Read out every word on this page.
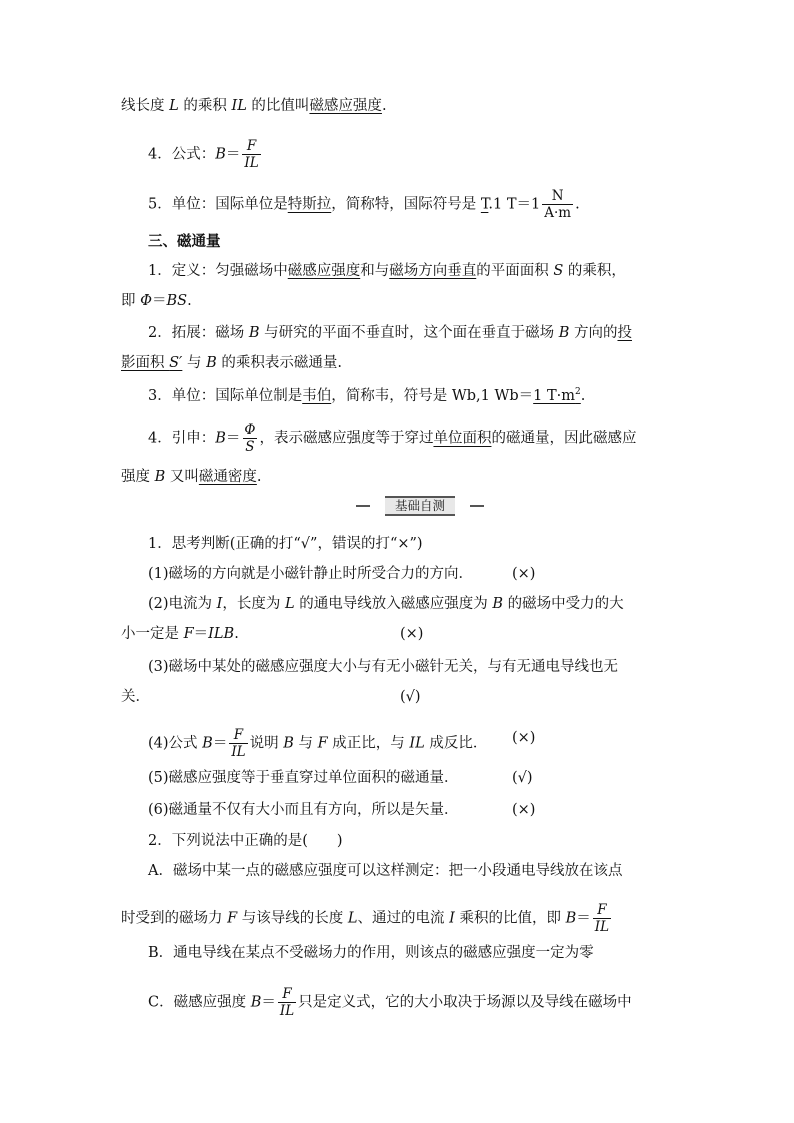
线长度 L 的乘积 IL 的比值叫磁感应强度.
4．公式：$B= \frac{F}{IL}$
5．单位：国际单位是特斯拉，简称特，国际符号是 T.1 $T=1 \frac{N}{A\cdot m}$ .
三、磁通量
1．定义：匀强磁场中磁感应强度和与磁场方向垂直的平面面积 S 的乘积，
即 Φ＝BS.
2．拓展：磁场 B 与研究的平面不垂直时，这个面在垂直于磁场 B 方向的投
影面积 S′ 与 B 的乘积表示磁通量.
3．单位：国际单位制是韦伯，简称韦，符号是 Wb,1 Wb＝1 $T\cdot m^2$.
4．引申：$B= \frac{\Phi}{S}$ ，表示磁感应强度等于穿过单位面积的磁通量，因此磁感应
强度 B 又叫磁通密度.
基础自测
1．思考判断(正确的打“√”，错误的打“×”)
(1)磁场的方向就是小磁针静止时所受合力的方向．	(×)
(2)电流为 I，长度为 L 的通电导线放入磁感应强度为 B 的磁场中受力的大
小一定是 F＝ILB.	(×)
(3)磁场中某处的磁感应强度大小与有无小磁针无关，与有无通电导线也无
关．	(√)
(4)公式 $B= \frac{F}{IL}$ 说明 B 与 F 成正比，与 IL 成反比．	(×)
(5)磁感应强度等于垂直穿过单位面积的磁通量．	(√)
(6)磁通量不仅有大小而且有方向，所以是矢量．	(×)
2．下列说法中正确的是(　　)
A．磁场中某一点的磁感应强度可以这样测定：把一小段通电导线放在该点
时受到的磁场力 F 与该导线的长度 L、通过的电流 I 乘积的比值，即 $B= \frac{F}{IL}$
B．通电导线在某点不受磁场力的作用，则该点的磁感应强度一定为零
C．磁感应强度 $B= \frac{F}{IL}$ 只是定义式，它的大小取决于场源以及导线在磁场中
